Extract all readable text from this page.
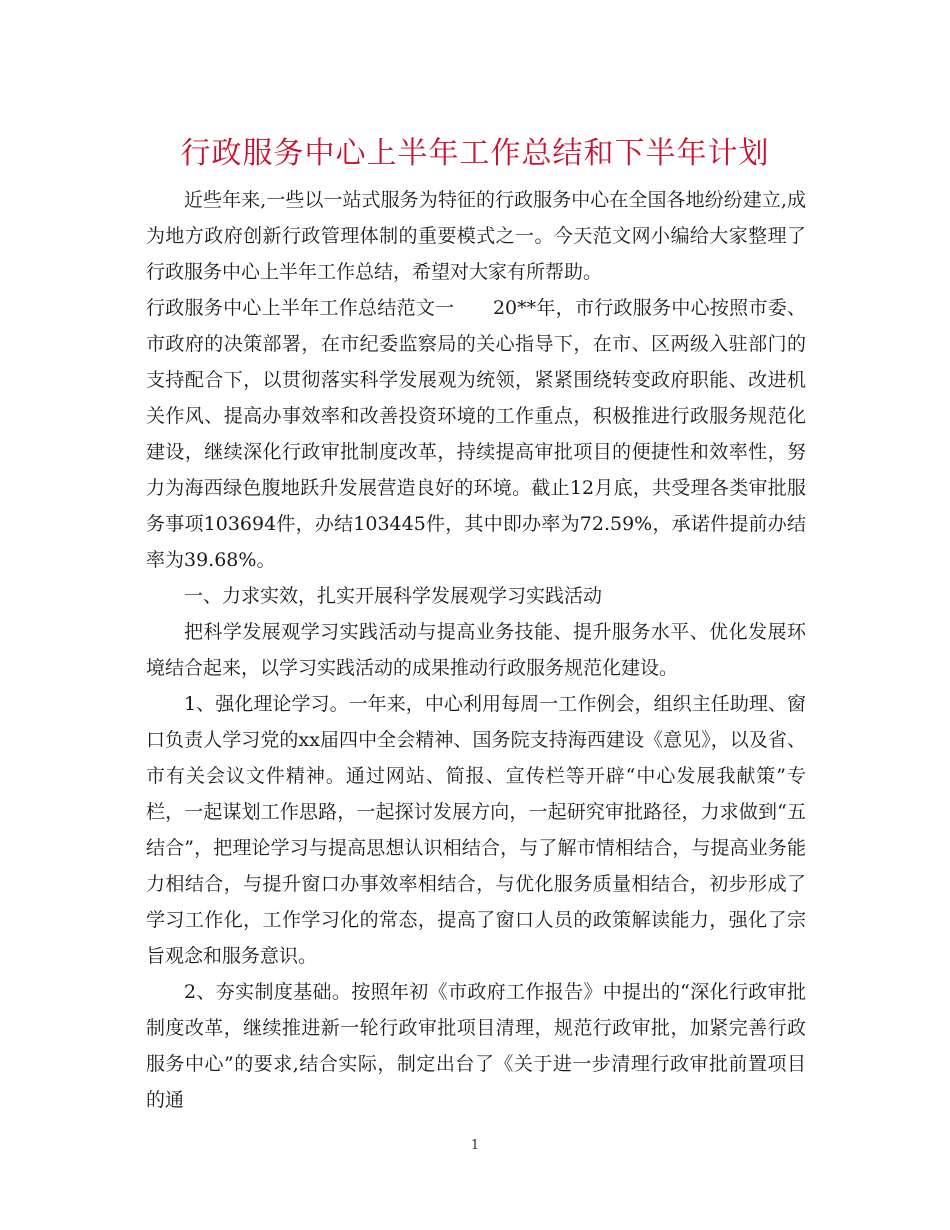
行政服务中心上半年工作总结和下半年计划

近些年来,一些以一站式服务为特征的行政服务中心在全国各地纷纷建立,成为地方政府创新行政管理体制的重要模式之一。今天范文网小编给大家整理了行政服务中心上半年工作总结，希望对大家有所帮助。

行政服务中心上半年工作总结范文一　　20**年，市行政服务中心按照市委、市政府的决策部署，在市纪委监察局的关心指导下，在市、区两级入驻部门的支持配合下，以贯彻落实科学发展观为统领，紧紧围绕转变政府职能、改进机关作风、提高办事效率和改善投资环境的工作重点，积极推进行政服务规范化建设，继续深化行政审批制度改革，持续提高审批项目的便捷性和效率性，努力为海西绿色腹地跃升发展营造良好的环境。截止12月底，共受理各类审批服务事项103694件，办结103445件，其中即办率为72.59%，承诺件提前办结率为39.68%。

一、力求实效，扎实开展科学发展观学习实践活动

把科学发展观学习实践活动与提高业务技能、提升服务水平、优化发展环境结合起来，以学习实践活动的成果推动行政服务规范化建设。

1、强化理论学习。一年来，中心利用每周一工作例会，组织主任助理、窗口负责人学习党的xx届四中全会精神、国务院支持海西建设《意见》，以及省、市有关会议文件精神。通过网站、简报、宣传栏等开辟“中心发展我献策”专栏，一起谋划工作思路，一起探讨发展方向，一起研究审批路径，力求做到“五结合”，把理论学习与提高思想认识相结合，与了解市情相结合，与提高业务能力相结合，与提升窗口办事效率相结合，与优化服务质量相结合，初步形成了学习工作化，工作学习化的常态，提高了窗口人员的政策解读能力，强化了宗旨观念和服务意识。

2、夯实制度基础。按照年初《市政府工作报告》中提出的“深化行政审批制度改革，继续推进新一轮行政审批项目清理，规范行政审批，加紧完善行政服务中心”的要求,结合实际，制定出台了《关于进一步清理行政审批前置项目的通

1
